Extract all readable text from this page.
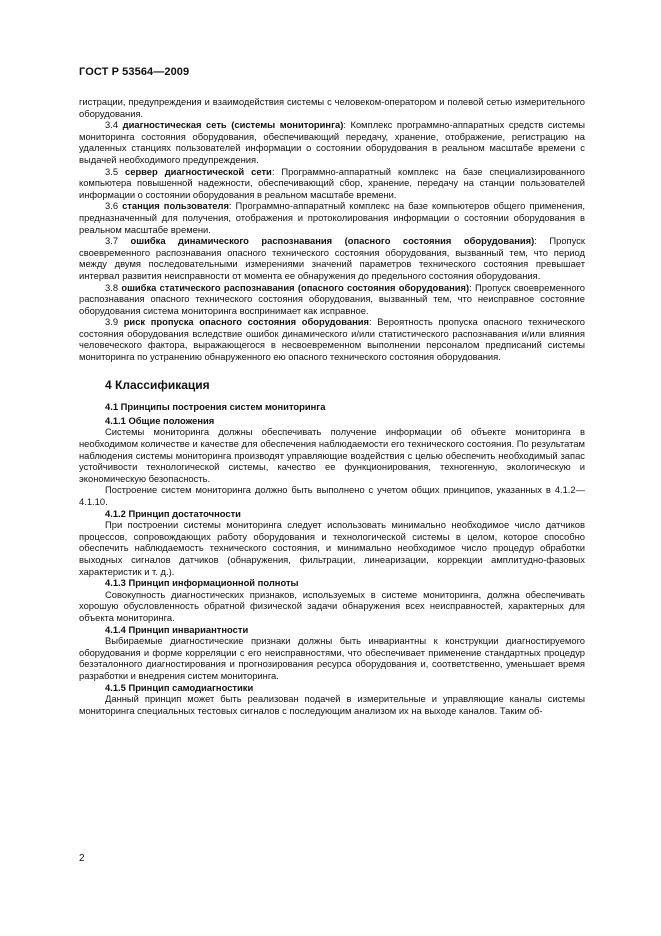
ГОСТ Р 53564—2009

гистрации, предупреждения и взаимодействия системы с человеком-оператором и полевой сетью измерительного оборудования.

3.4 диагностическая сеть (системы мониторинга): Комплекс программно-аппаратных средств системы мониторинга состояния оборудования, обеспечивающий передачу, хранение, отображение, регистрацию на удаленных станциях пользователей информации о состоянии оборудования в реальном масштабе времени с выдачей необходимого предупреждения.

3.5 сервер диагностической сети: Программно-аппаратный комплекс на базе специализированного компьютера повышенной надежности, обеспечивающий сбор, хранение, передачу на станции пользователей информации о состоянии оборудования в реальном масштабе времени.

3.6 станция пользователя: Программно-аппаратный комплекс на базе компьютеров общего применения, предназначенный для получения, отображения и протоколирования информации о состоянии оборудования в реальном масштабе времени.

3.7 ошибка динамического распознавания (опасного состояния оборудования): Пропуск своевременного распознавания опасного технического состояния оборудования, вызванный тем, что период между двумя последовательными измерениями значений параметров технического состояния превышает интервал развития неисправности от момента ее обнаружения до предельного состояния оборудования.

3.8 ошибка статического распознавания (опасного состояния оборудования): Пропуск своевременного распознавания опасного технического состояния оборудования, вызванный тем, что неисправное состояние оборудования система мониторинга воспринимает как исправное.

3.9 риск пропуска опасного состояния оборудования: Вероятность пропуска опасного технического состояния оборудования вследствие ошибок динамического и/или статистического распознавания и/или влияния человеческого фактора, выражающегося в несвоевременном выполнении персоналом предписаний системы мониторинга по устранению обнаруженного ею опасного технического состояния оборудования.

4 Классификация

4.1 Принципы построения систем мониторинга

4.1.1 Общие положения

Системы мониторинга должны обеспечивать получение информации об объекте мониторинга в необходимом количестве и качестве для обеспечения наблюдаемости его технического состояния. По результатам наблюдения системы мониторинга производят управляющие воздействия с целью обеспечить необходимый запас устойчивости технологической системы, качество ее функционирования, техногенную, экологическую и экономическую безопасность.

Построение систем мониторинга должно быть выполнено с учетом общих принципов, указанных в 4.1.2—4.1.10.

4.1.2 Принцип достаточности

При построении системы мониторинга следует использовать минимально необходимое число датчиков процессов, сопровождающих работу оборудования и технологической системы в целом, которое способно обеспечить наблюдаемость технического состояния, и минимально необходимое число процедур обработки выходных сигналов датчиков (обнаружения, фильтрации, линеаризации, коррекции амплитудно-фазовых характеристик и т. д.).

4.1.3 Принцип информационной полноты

Совокупность диагностических признаков, используемых в системе мониторинга, должна обеспечивать хорошую обусловленность обратной физической задачи обнаружения всех неисправностей, характерных для объекта мониторинга.

4.1.4 Принцип инвариантности

Выбираемые диагностические признаки должны быть инвариантны к конструкции диагностируемого оборудования и форме корреляции с его неисправностями, что обеспечивает применение стандартных процедур безэталонного диагностирования и прогнозирования ресурса оборудования и, соответственно, уменьшает время разработки и внедрения систем мониторинга.

4.1.5 Принцип самодиагностики

Данный принцип может быть реализован подачей в измерительные и управляющие каналы системы мониторинга специальных тестовых сигналов с последующим анализом их на выходе каналов. Таким об-

2
